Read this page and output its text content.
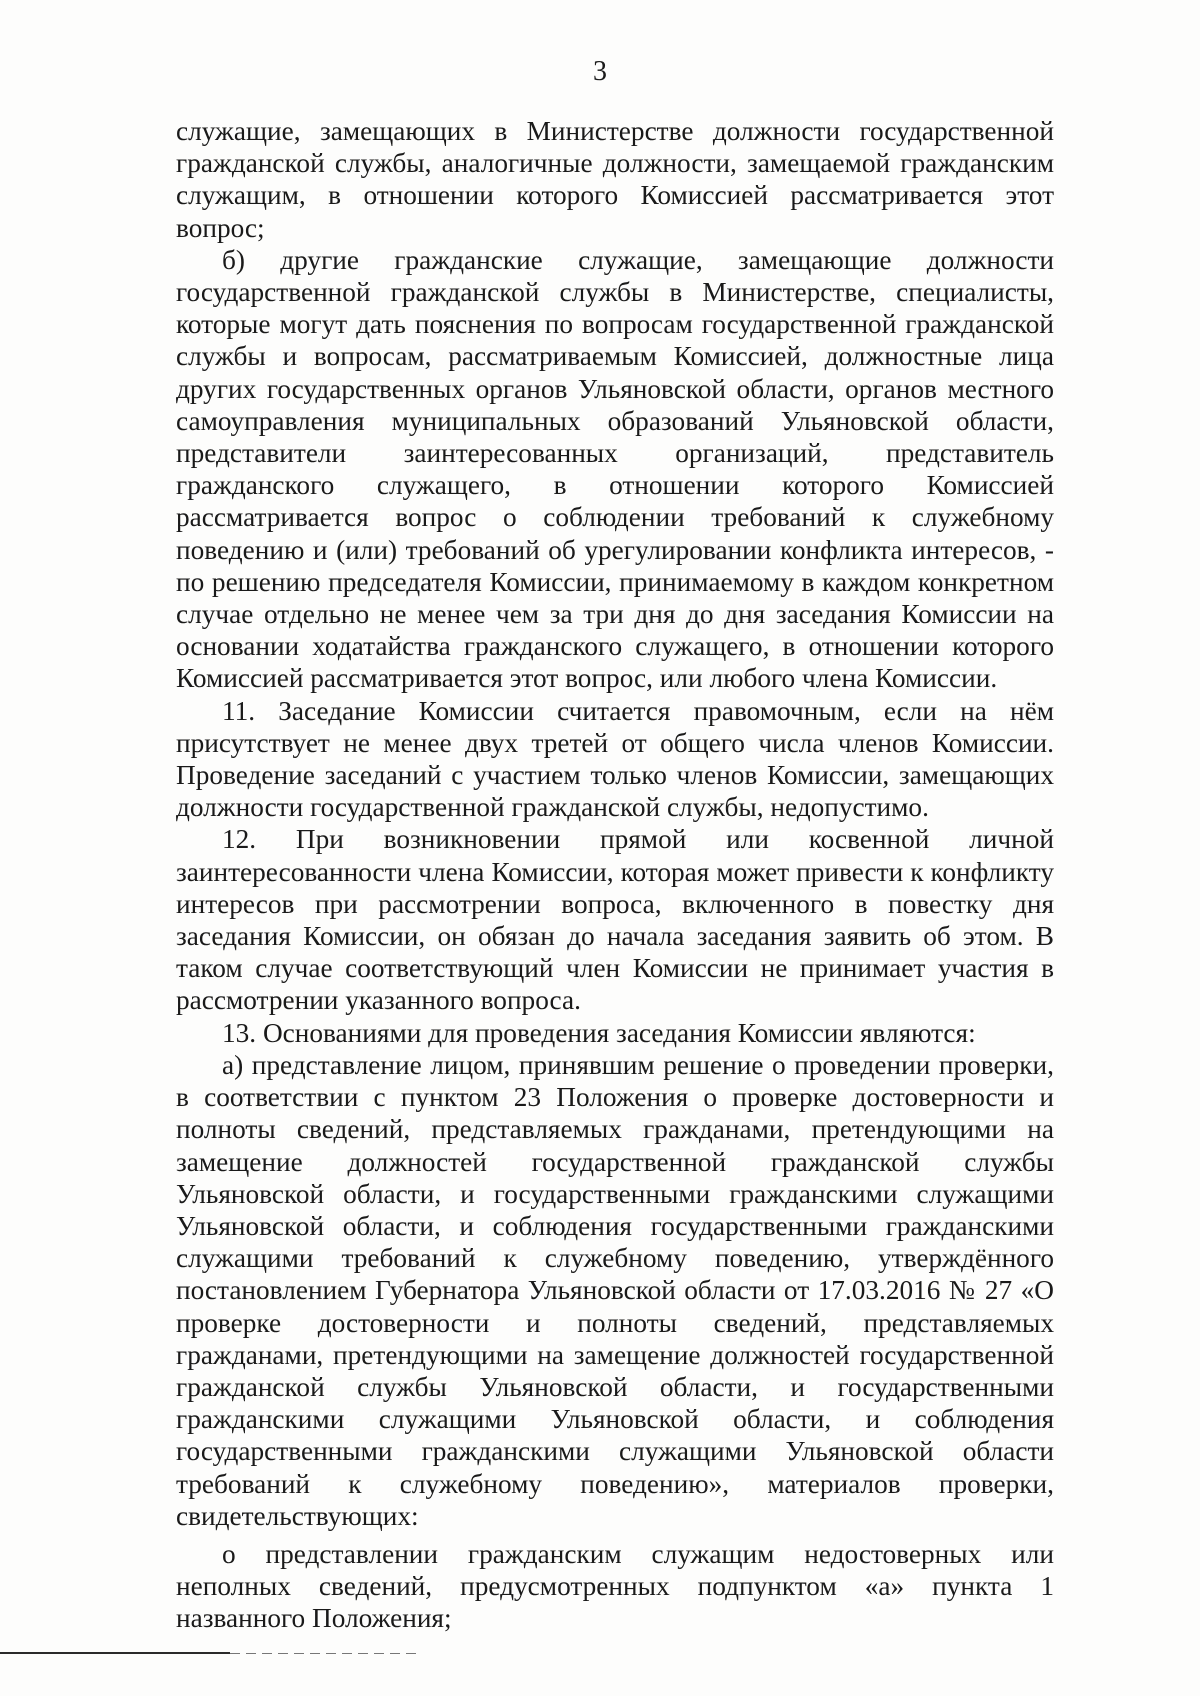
3

служащие, замещающих в Министерстве должности государственной гражданской службы, аналогичные должности, замещаемой гражданским служащим, в отношении которого Комиссией рассматривается этот вопрос;

б) другие гражданские служащие, замещающие должности государственной гражданской службы в Министерстве, специалисты, которые могут дать пояснения по вопросам государственной гражданской службы и вопросам, рассматриваемым Комиссией, должностные лица других государственных органов Ульяновской области, органов местного самоуправления муниципальных образований Ульяновской области, представители заинтересованных организаций, представитель гражданского служащего, в отношении которого Комиссией рассматривается вопрос о соблюдении требований к служебному поведению и (или) требований об урегулировании конфликта интересов, - по решению председателя Комиссии, принимаемому в каждом конкретном случае отдельно не менее чем за три дня до дня заседания Комиссии на основании ходатайства гражданского служащего, в отношении которого Комиссией рассматривается этот вопрос, или любого члена Комиссии.

11. Заседание Комиссии считается правомочным, если на нём присутствует не менее двух третей от общего числа членов Комиссии. Проведение заседаний с участием только членов Комиссии, замещающих должности государственной гражданской службы, недопустимо.

12. При возникновении прямой или косвенной личной заинтересованности члена Комиссии, которая может привести к конфликту интересов при рассмотрении вопроса, включенного в повестку дня заседания Комиссии, он обязан до начала заседания заявить об этом. В таком случае соответствующий член Комиссии не принимает участия в рассмотрении указанного вопроса.

13. Основаниями для проведения заседания Комиссии являются:

а) представление лицом, принявшим решение о проведении проверки, в соответствии с пунктом 23 Положения о проверке достоверности и полноты сведений, представляемых гражданами, претендующими на замещение должностей государственной гражданской службы Ульяновской области, и государственными гражданскими служащими Ульяновской области, и соблюдения государственными гражданскими служащими требований к служебному поведению, утверждённого постановлением Губернатора Ульяновской области от 17.03.2016 № 27 «О проверке достоверности и полноты сведений, представляемых гражданами, претендующими на замещение должностей государственной гражданской службы Ульяновской области, и государственными гражданскими служащими Ульяновской области, и соблюдения государственными гражданскими служащими Ульяновской области требований к служебному поведению», материалов проверки, свидетельствующих:

о представлении гражданским служащим недостоверных или неполных сведений, предусмотренных подпунктом «а» пункта 1 названного Положения;
